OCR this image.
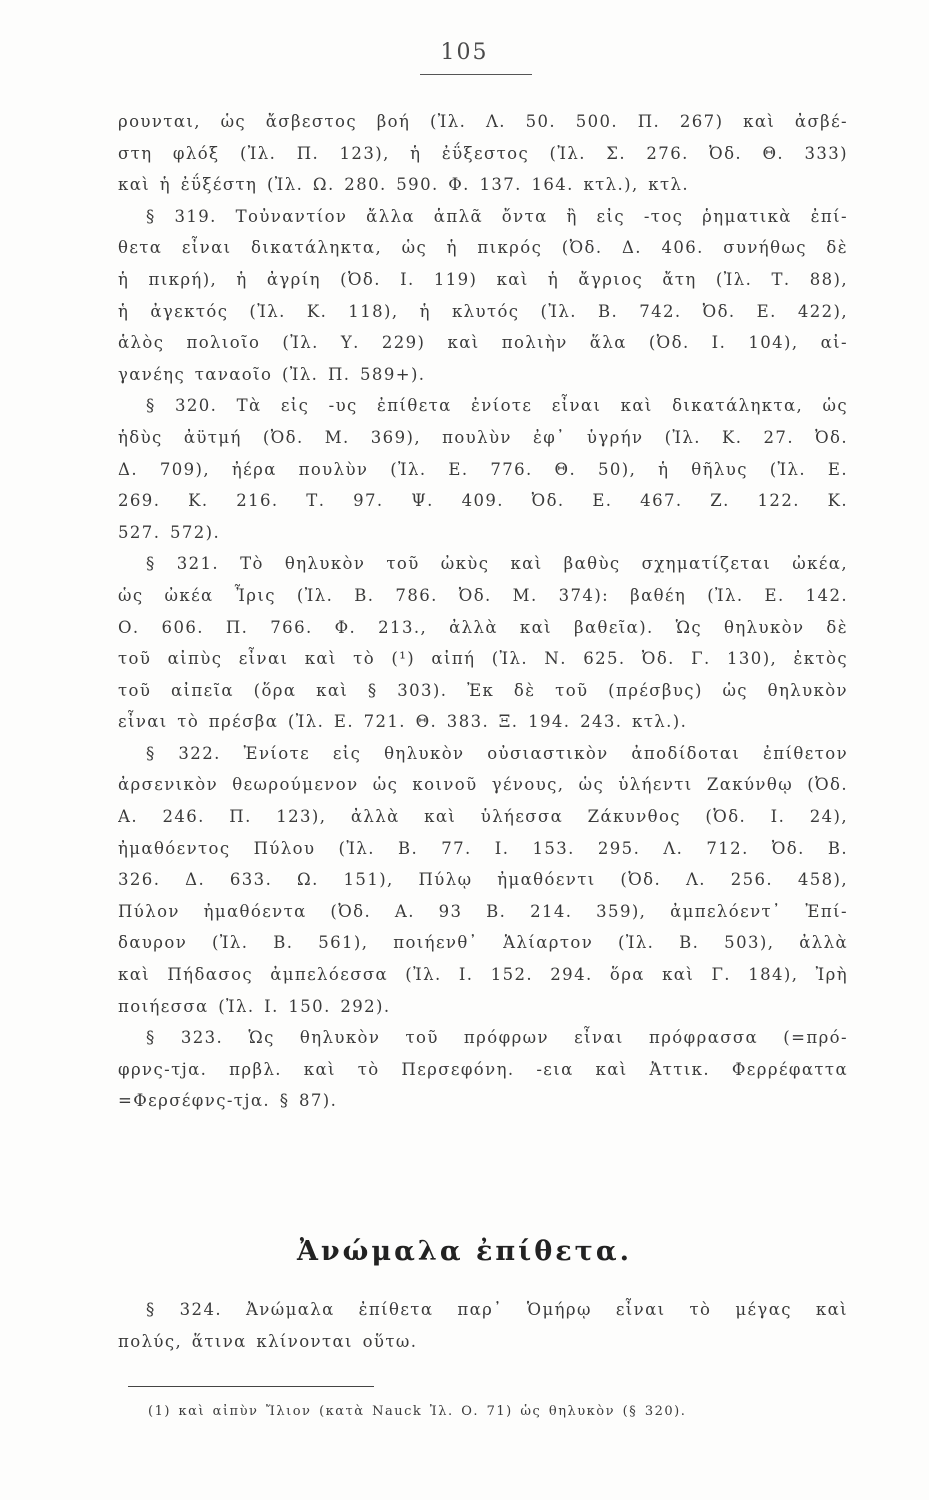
105
ρουνται, ὡς ἄσβεστος βοή (Ἰλ. Λ. 50. 500. Π. 267) καὶ ἀσβέ-
στη φλόξ (Ἰλ. Π. 123), ἡ ἐΰξεστος (Ἰλ. Σ. 276. Ὀδ. Θ. 333)
καὶ ἡ ἐΰξέστη (Ἰλ. Ω. 280. 590. Φ. 137. 164. κτλ.), κτλ.
§ 319. Τοὐναντίον ἄλλα ἁπλᾶ ὄντα ἢ εἰς -τος ῥηματικὰ ἐπί-
θετα εἶναι δικατάληκτα, ὡς ἡ πικρός (Ὀδ. Δ. 406. συνήθως δὲ
ἡ πικρή), ἡ ἀγρίη (Ὀδ. Ι. 119) καὶ ἡ ἄγριος ἄτη (Ἰλ. Τ. 88),
ἡ ἀγεκτός (Ἰλ. Κ. 118), ἡ κλυτός (Ἰλ. Β. 742. Ὀδ. Ε. 422),
ἁλὸς πολιοῖο (Ἰλ. Υ. 229) καὶ πολιὴν ἅλα (Ὀδ. Ι. 104), αἰ-
γανέης ταναοῖο (Ἰλ. Π. 589+).
§ 320. Τὰ εἰς -υς ἐπίθετα ἐνίοτε εἶναι καὶ δικατάληκτα, ὡς
ἡδὺς ἀϋτμή (Ὀδ. Μ. 369), πουλὺν ἐφ᾽ ὑγρήν (Ἰλ. Κ. 27. Ὀδ.
Δ. 709), ἠέρα πουλὺν (Ἰλ. Ε. 776. Θ. 50), ἡ θῆλυς (Ἰλ. Ε.
269. Κ. 216. Τ. 97. Ψ. 409. Ὀδ. Ε. 467. Ζ. 122. Κ.
527. 572).
§ 321. Τὸ θηλυκὸν τοῦ ὠκὺς καὶ βαθὺς σχηματίζεται ὠκέα,
ὡς ὠκέα Ἶρις (Ἰλ. Β. 786. Ὀδ. Μ. 374): βαθέη (Ἰλ. Ε. 142.
Ο. 606. Π. 766. Φ. 213., ἀλλὰ καὶ βαθεῖα). Ὡς θηλυκὸν δὲ
τοῦ αἰπὺς εἶναι καὶ τὸ (¹) αἰπή (Ἰλ. Ν. 625. Ὀδ. Γ. 130), ἐκτὸς
τοῦ αἰπεῖα (ὅρα καὶ § 303). Ἐκ δὲ τοῦ (πρέσβυς) ὡς θηλυκὸν
εἶναι τὸ πρέσβα (Ἰλ. Ε. 721. Θ. 383. Ξ. 194. 243. κτλ.).
§ 322. Ἐνίοτε εἰς θηλυκὸν οὐσιαστικὸν ἀποδίδοται ἐπίθετον
ἀρσενικὸν θεωρούμενον ὡς κοινοῦ γένους, ὡς ὑλήεντι Ζακύνθῳ (Ὀδ.
Α. 246. Π. 123), ἀλλὰ καὶ ὑλήεσσα Ζάκυνθος (Ὀδ. Ι. 24),
ἠμαθόεντος Πύλου (Ἰλ. Β. 77. Ι. 153. 295. Λ. 712. Ὀδ. Β.
326. Δ. 633. Ω. 151), Πύλῳ ἠμαθόεντι (Ὀδ. Λ. 256. 458),
Πύλον ἠμαθόεντα (Ὀδ. Α. 93 Β. 214. 359), ἀμπελόεντ᾽ Ἐπί-
δαυρον (Ἰλ. Β. 561), ποιήενθ᾽ Ἁλίαρτον (Ἰλ. Β. 503), ἀλλὰ
καὶ Πήδασος ἀμπελόεσσα (Ἰλ. Ι. 152. 294. ὅρα καὶ Γ. 184), Ἰρὴ
ποιήεσσα (Ἰλ. Ι. 150. 292).
§ 323. Ὡς θηλυκὸν τοῦ πρόφρων εἶναι πρόφρασσα (=πρό-
φρνς-τjα. πρβλ. καὶ τὸ Περσεφόνη. -εια καὶ Ἀττικ. Φερρέφαττα
=Φερσέφνς-τjα. § 87).
Ἀνώμαλα ἐπίθετα.
§ 324. Ἀνώμαλα ἐπίθετα παρ᾽ Ὁμήρῳ εἶναι τὸ μέγας καὶ
πολύς, ἅτινα κλίνονται οὕτω.
(1) καὶ αἰπὺν Ἴλιον (κατὰ Nauck Ἰλ. Ο. 71) ὡς θηλυκὸν (§ 320).
